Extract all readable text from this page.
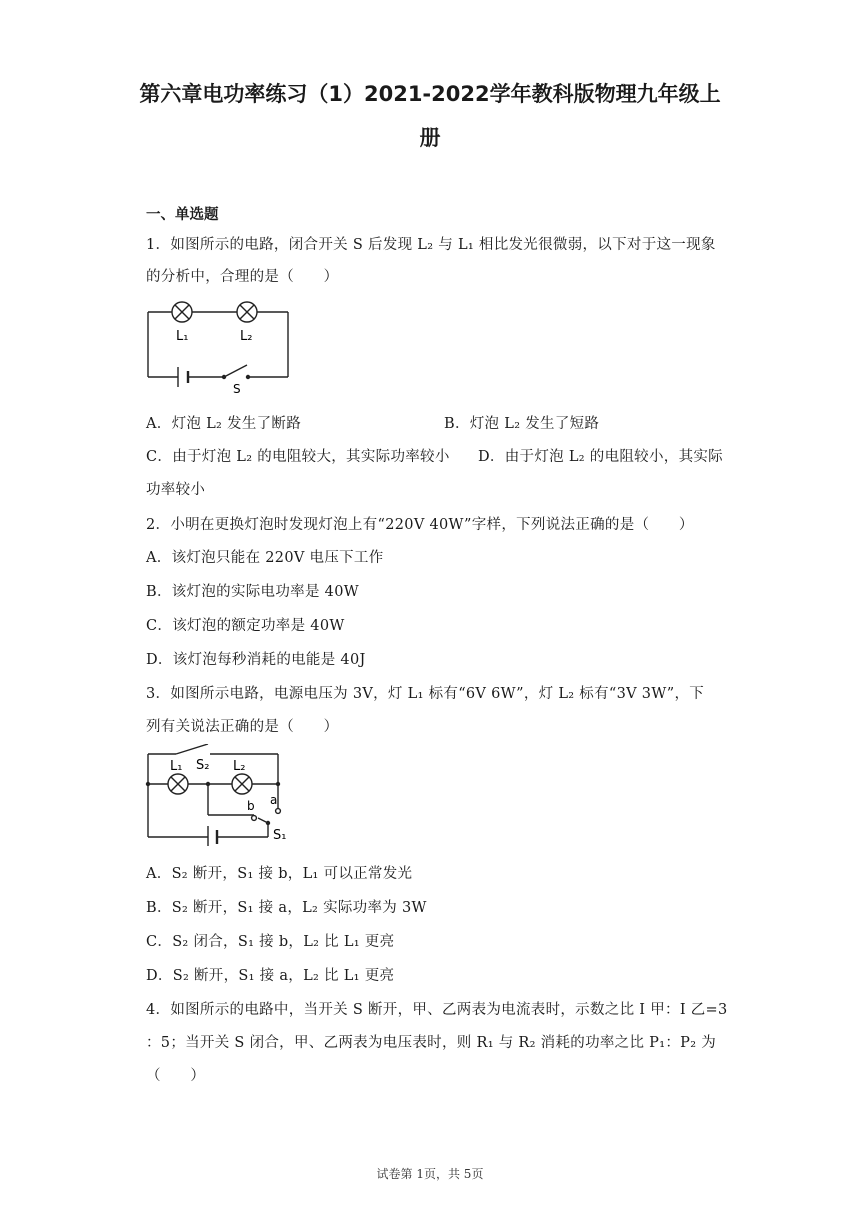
第六章电功率练习（1）2021-2022学年教科版物理九年级上
册
一、单选题
1．如图所示的电路，闭合开关 S 后发现 L₂ 与 L₁ 相比发光很微弱，以下对于这一现象
的分析中，合理的是（　　）
L₁	L₂
S
A．灯泡 L₂ 发生了断路	B．灯泡 L₂ 发生了短路
C．由于灯泡 L₂ 的电阻较大，其实际功率较小 D．由于灯泡 L₂ 的电阻较小，其实际
功率较小
2．小明在更换灯泡时发现灯泡上有“220V 40W”字样，下列说法正确的是（　　）
A．该灯泡只能在 220V 电压下工作
B．该灯泡的实际电功率是 40W
C．该灯泡的额定功率是 40W
D．该灯泡每秒消耗的电能是 40J
3．如图所示电路，电源电压为 3V，灯 L₁ 标有“6V 6W”，灯 L₂ 标有“3V 3W”，下
列有关说法正确的是（　　）
L₁ S₂ L₂
b a
S₁
A．S₂ 断开，S₁ 接 b，L₁ 可以正常发光
B．S₂ 断开，S₁ 接 a，L₂ 实际功率为 3W
C．S₂ 闭合，S₁ 接 b，L₂ 比 L₁ 更亮
D．S₂ 断开，S₁ 接 a，L₂ 比 L₁ 更亮
4．如图所示的电路中，当开关 S 断开，甲、乙两表为电流表时，示数之比 I 甲：I 乙=3
：5；当开关 S 闭合，甲、乙两表为电压表时，则 R₁ 与 R₂ 消耗的功率之比 P₁：P₂ 为
（　　）
试卷第 1页，共 5页
